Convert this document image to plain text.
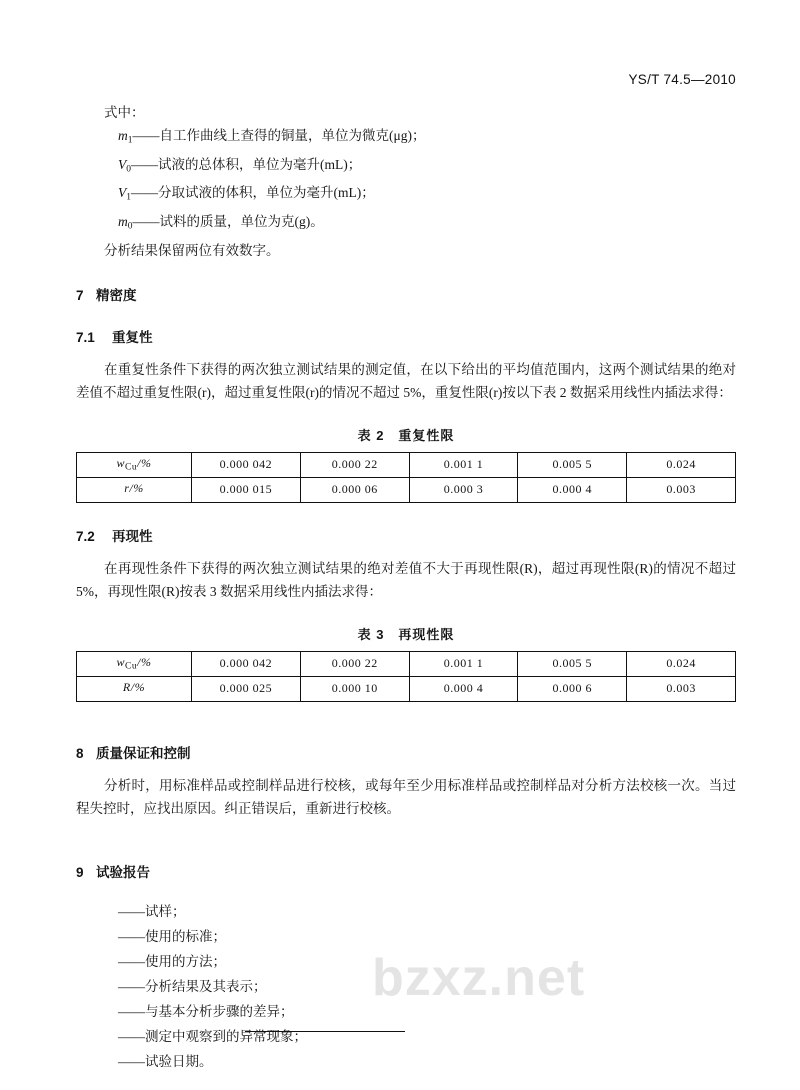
YS/T 74.5—2010
式中：
m1——自工作曲线上查得的铜量，单位为微克(μg)；
V0——试液的总体积，单位为毫升(mL)；
V1——分取试液的体积，单位为毫升(mL)；
m0——试料的质量，单位为克(g)。
分析结果保留两位有效数字。
7 精密度
7.1 重复性

在重复性条件下获得的两次独立测试结果的测定值，在以下给出的平均值范围内，这两个测试结果的绝对差值不超过重复性限(r)，超过重复性限(r)的情况不超过 5%，重复性限(r)按以下表 2 数据采用线性内插法求得：

表 2　重复性限
$w_{Cu}/\%$	0.000 042	0.000 22	0.001 1	0.005 5	0.024
r/%	0.000 015	0.000 06	0.000 3	0.000 4	0.003
7.2 再现性

在再现性条件下获得的两次独立测试结果的绝对差值不大于再现性限(R)，超过再现性限(R)的情况不超过 5%，再现性限(R)按表 3 数据采用线性内插法求得：

表 3　再现性限
$w_{Cu}/\%$	0.000 042	0.000 22	0.001 1	0.005 5	0.024
R/%	0.000 025	0.000 10	0.000 4	0.000 6	0.003
8 质量保证和控制

分析时，用标准样品或控制样品进行校核，或每年至少用标准样品或控制样品对分析方法校核一次。当过程失控时，应找出原因。纠正错误后，重新进行校核。

9 试验报告
——试样；
——使用的标准；
——使用的方法；
——分析结果及其表示；
——与基本分析步骤的差异；
——测定中观察到的异常现象；
——试验日期。
bzxz.net
